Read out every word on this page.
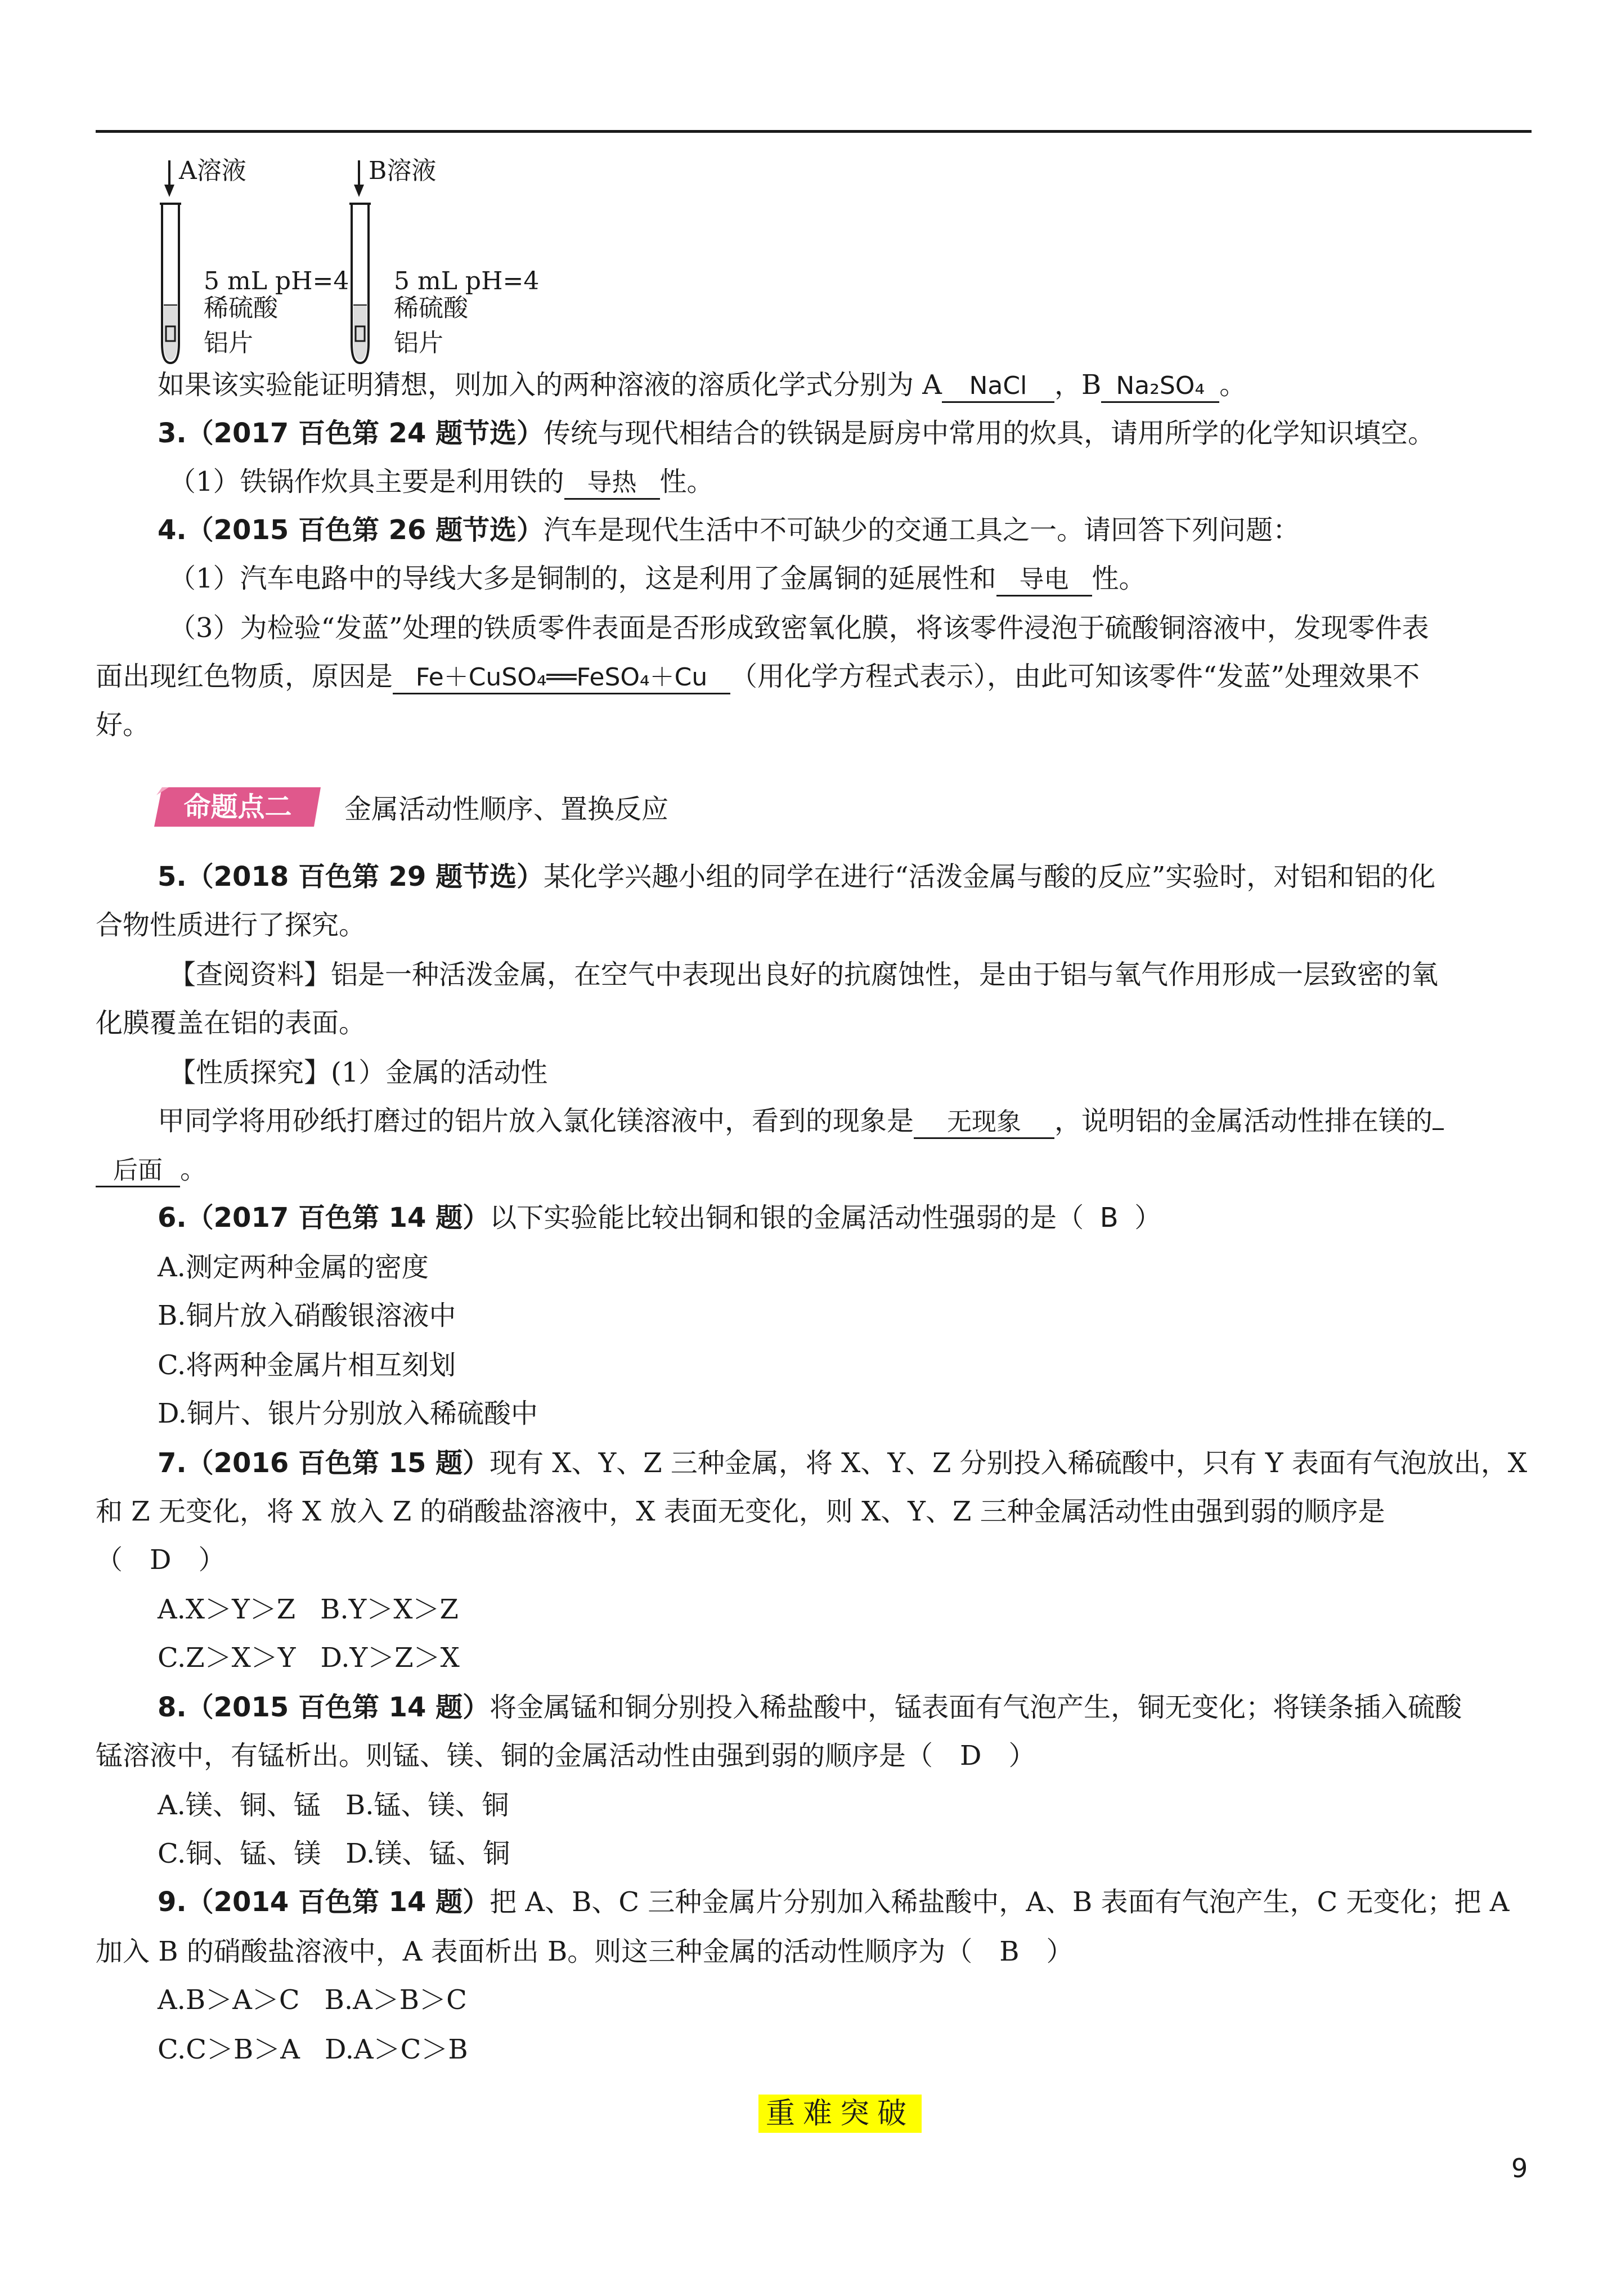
A溶液
5 mL pH=4
稀硫酸
铝片
B溶液
5 mL pH=4
稀硫酸
铝片
如果该实验能证明猜想，则加入的两种溶液的溶质化学式分别为 A NaCl ，B Na₂SO₄ 。
3.（2017 百色第 24 题节选）传统与现代相结合的铁锅是厨房中常用的炊具，请用所学的化学知识填空。
（1）铁锅作炊具主要是利用铁的 导热 性。
4.（2015 百色第 26 题节选）汽车是现代生活中不可缺少的交通工具之一。请回答下列问题：
（1）汽车电路中的导线大多是铜制的，这是利用了金属铜的延展性和 导电 性。
（3）为检验“发蓝”处理的铁质零件表面是否形成致密氧化膜，将该零件浸泡于硫酸铜溶液中，发现零件表
面出现红色物质，原因是 Fe＋CuSO₄══FeSO₄＋Cu （用化学方程式表示），由此可知该零件“发蓝”处理效果不
好。
命题点二	金属活动性顺序、置换反应
5.（2018 百色第 29 题节选）某化学兴趣小组的同学在进行“活泼金属与酸的反应”实验时，对铝和铝的化
合物性质进行了探究。
【查阅资料】铝是一种活泼金属，在空气中表现出良好的抗腐蚀性，是由于铝与氧气作用形成一层致密的氧
化膜覆盖在铝的表面。
【性质探究】(1）金属的活动性
甲同学将用砂纸打磨过的铝片放入氯化镁溶液中，看到的现象是 无现象 ，说明铝的金属活动性排在镁的
后面 。
6.（2017 百色第 14 题）以下实验能比较出铜和银的金属活动性强弱的是（ B ）
A.测定两种金属的密度
B.铜片放入硝酸银溶液中
C.将两种金属片相互刻划
D.铜片、银片分别放入稀硫酸中
7.（2016 百色第 15 题）现有 X、Y、Z 三种金属，将 X、Y、Z 分别投入稀硫酸中，只有 Y 表面有气泡放出，X
和 Z 无变化，将 X 放入 Z 的硝酸盐溶液中，X 表面无变化，则 X、Y、Z 三种金属活动性由强到弱的顺序是
（　D　）
A.X＞Y＞Z B.Y＞X＞Z
C.Z＞X＞Y D.Y＞Z＞X
8.（2015 百色第 14 题）将金属锰和铜分别投入稀盐酸中，锰表面有气泡产生，铜无变化；将镁条插入硫酸
锰溶液中，有锰析出。则锰、镁、铜的金属活动性由强到弱的顺序是（　D　）
A.镁、铜、锰 B.锰、镁、铜
C.铜、锰、镁 D.镁、锰、铜
9.（2014 百色第 14 题）把 A、B、C 三种金属片分别加入稀盐酸中，A、B 表面有气泡产生，C 无变化；把 A
加入 B 的硝酸盐溶液中，A 表面析出 B。则这三种金属的活动性顺序为（　B　）
A.B＞A＞C B.A＞B＞C
C.C＞B＞A D.A＞C＞B
重难突破
9
